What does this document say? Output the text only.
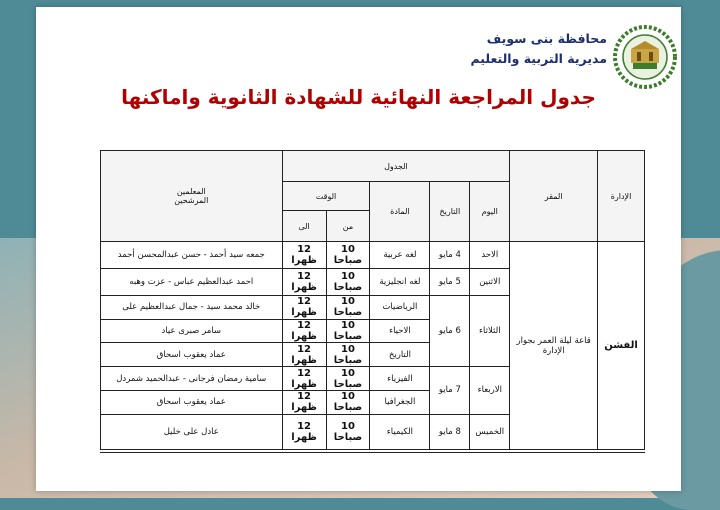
محافظة بنى سويف
مديرية التربية والتعليم
جدول المراجعة النهائية للشهادة الثانوية واماكنها
الإدارة	المقر	الجدول					المعلمين
المرشحين

		اليوم	التاريخ	المادة	الوقت		
					من	الى	
الفشن	قاعة ليلة العمر بجوار الإدارة	الاحد	4 مايو	لغه عربية	10 صباحا	12 ظهرا	جمعه سيد أحمد - حسن عبدالمحسن أحمد
		الاثنين	5 مايو	لغه انجليزية	10 صباحا	12 ظهرا	احمد عبدالعظيم عباس - عزت وهبه
		الثلاثاء	6 مايو	الرياضيات	10 صباحا	12 ظهرا	خالد محمد سيد - جمال عبدالعظيم على
				الاحياء	10 صباحا	12 ظهرا	سامر صبرى عياد
				التاريخ	10 صباحا	12 ظهرا	عماد يعقوب اسحاق
		الاربعاء	7 مايو	الفيزياء	10 صباحا	12 ظهرا	سامية رمضان فرجانى - عبدالحميد شمردل
				الجغرافيا	10 صباحا	12 ظهرا	عماد يعقوب اسحاق
		الخميس	8 مايو	الكيمياء	10 صباحا	12 ظهرا	عادل على خليل
